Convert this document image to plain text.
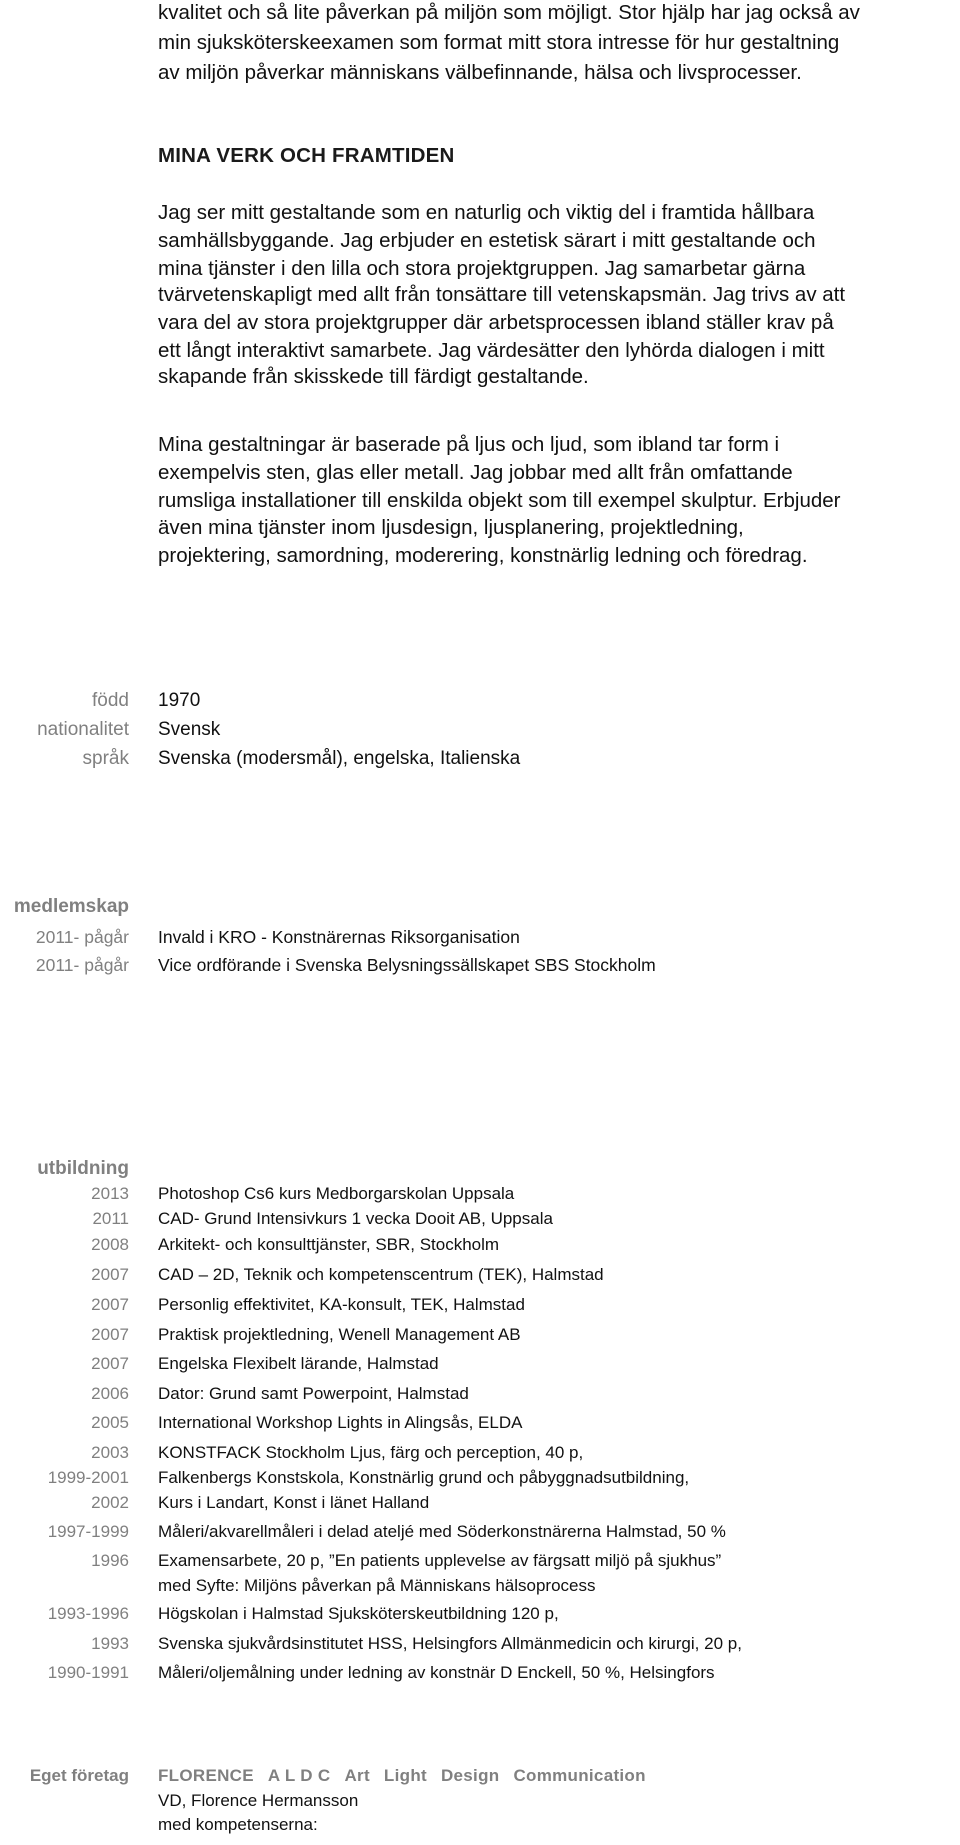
kvalitet och så lite påverkan på miljön som möjligt. Stor hjälp har jag också av

min sjuksköterskeexamen som format mitt stora intresse för hur gestaltning

av miljön påverkar människans välbefinnande, hälsa och livsprocesser.

MINA VERK OCH FRAMTIDEN

Jag ser mitt gestaltande som en naturlig och viktig del i framtida hållbara

samhällsbyggande. Jag erbjuder en estetisk särart i mitt gestaltande och

mina tjänster i den lilla och stora projektgruppen. Jag samarbetar gärna

tvärvetenskapligt med allt från tonsättare till vetenskapsmän. Jag trivs av att

vara del av stora projektgrupper där arbetsprocessen ibland ställer krav på

ett långt interaktivt samarbete. Jag värdesätter den lyhörda dialogen i mitt

skapande från skisskede till färdigt gestaltande.

Mina gestaltningar är baserade på ljus och ljud, som ibland tar form i

exempelvis sten, glas eller metall. Jag jobbar med allt från omfattande

rumsliga installationer till enskilda objekt som till exempel skulptur. Erbjuder

även mina tjänster inom ljusdesign, ljusplanering, projektledning,

projektering, samordning, moderering, konstnärlig ledning och föredrag.

född 1970
nationalitet Svensk
språk Svenska (modersmål), engelska, Italienska
medlemskap
2011- pågår Invald i KRO - Konstnärernas Riksorganisation
2011- pågår Vice ordförande i Svenska Belysningssällskapet SBS Stockholm
utbildning
2013 Photoshop Cs6 kurs Medborgarskolan Uppsala
2011 CAD- Grund Intensivkurs 1 vecka Dooit AB, Uppsala
2008 Arkitekt- och konsulttjänster, SBR, Stockholm
2007 CAD – 2D, Teknik och kompetenscentrum (TEK), Halmstad
2007 Personlig effektivitet, KA-konsult, TEK, Halmstad
2007 Praktisk projektledning, Wenell Management AB
2007 Engelska Flexibelt lärande, Halmstad
2006 Dator: Grund samt Powerpoint, Halmstad
2005 International Workshop Lights in Alingsås, ELDA
2003 KONSTFACK Stockholm Ljus, färg och perception, 40 p,
1999-2001 Falkenbergs Konstskola, Konstnärlig grund och påbyggnadsutbildning,
2002 Kurs i Landart, Konst i länet Halland
1997-1999 Måleri/akvarellmåleri i delad ateljé med Söderkonstnärerna Halmstad, 50 %
1996 Examensarbete, 20 p, ”En patients upplevelse av färgsatt miljö på sjukhus”
med Syfte: Miljöns påverkan på Människans hälsoprocess
1993-1996 Högskolan i Halmstad Sjuksköterskeutbildning 120 p,
1993 Svenska sjukvårdsinstitutet HSS, Helsingfors Allmänmedicin och kirurgi, 20 p,
1990-1991 Måleri/oljemålning under ledning av konstnär D Enckell, 50 %, Helsingfors
Eget företag FLORENCE A L D C Art Light Design Communication
VD, Florence Hermansson
med kompetenserna:
